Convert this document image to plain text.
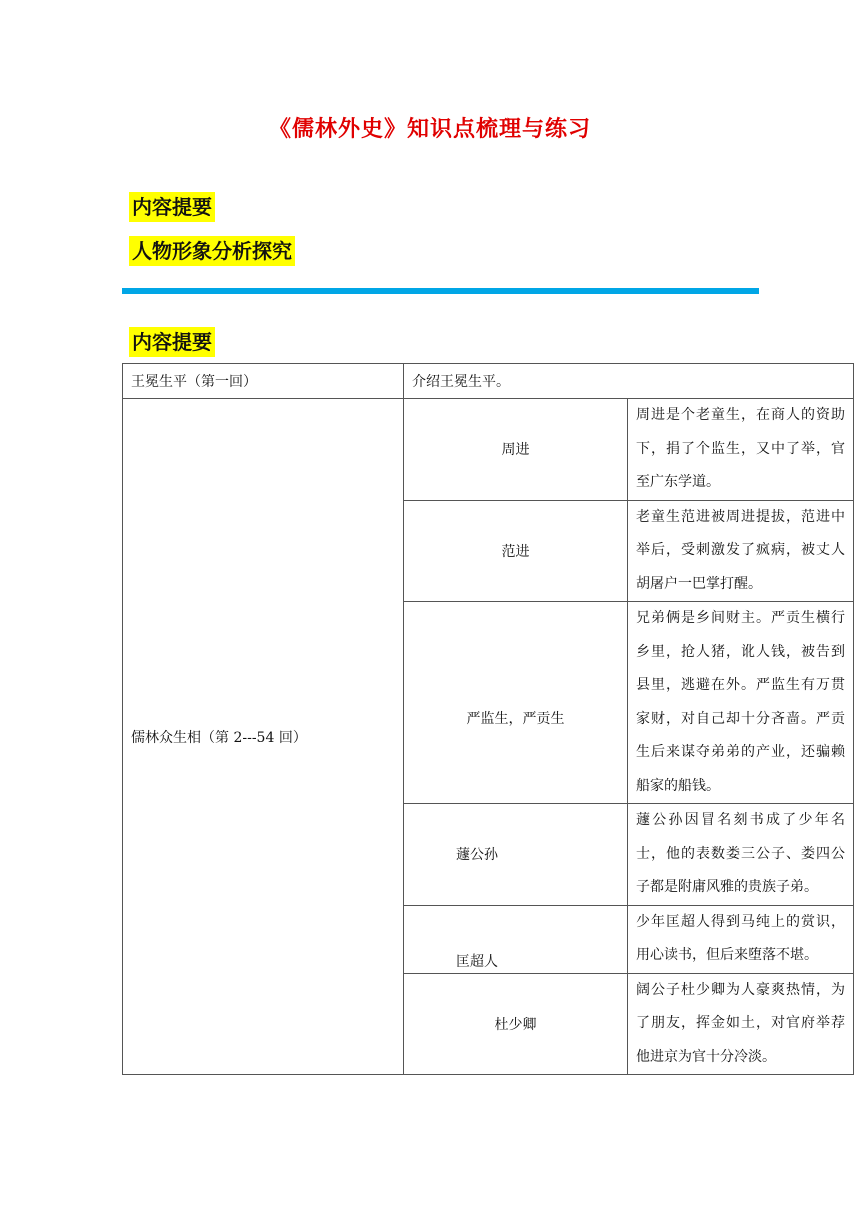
《儒林外史》知识点梳理与练习
内容提要
人物形象分析探究
内容提要
王冕生平（第一回）	介绍王冕生平。	
儒林众生相（第 2---54 回）	周进	周进是个老童生，在商人的资助下，捐了个监生，又中了举，官至广东学道。
	范进	老童生范进被周进提拔，范进中举后，受刺激发了疯病，被丈人胡屠户一巴掌打醒。
	严监生，严贡生	兄弟俩是乡间财主。严贡生横行乡里，抢人猪，讹人钱，被告到县里，逃避在外。严监生有万贯家财，对自己却十分吝啬。严贡生后来谋夺弟弟的产业，还骗赖船家的船钱。
	蘧公孙	蘧公孙因冒名刻书成了少年名士，他的表数娄三公子、娄四公子都是附庸风雅的贵族子弟。
	匡超人	少年匡超人得到马纯上的赏识，用心读书，但后来堕落不堪。
	杜少卿	阔公子杜少卿为人豪爽热情，为了朋友，挥金如土，对官府举荐他进京为官十分冷淡。
